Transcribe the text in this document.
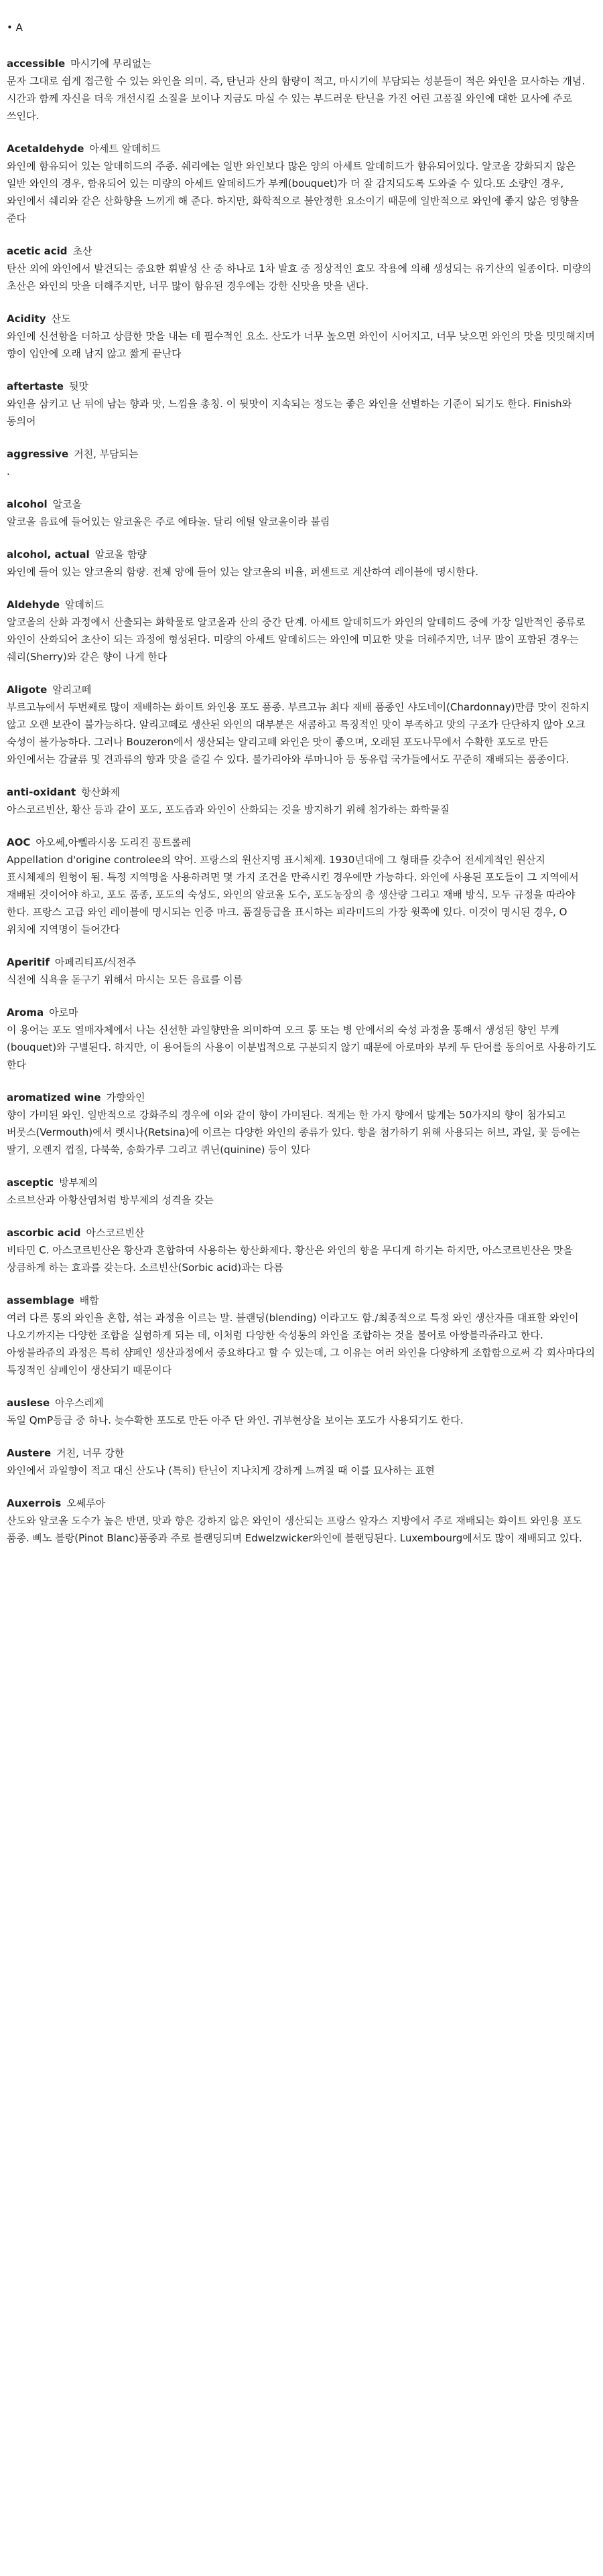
• A

accessible 마시기에 무리없는

문자 그대로 쉽게 접근할 수 있는 와인을 의미. 즉, 탄닌과 산의 함량이 적고, 마시기에 부담되는 성분들이 적은 와인을 묘사하는 개념. 시간과 함께 자신을 더욱 개선시킬 소질을 보이나 지금도 마실 수 있는 부드러운 탄닌을 가진 어린 고품질 와인에 대한 묘사에 주로 쓰인다.

Acetaldehyde 아세트 알데히드

와인에 함유되어 있는 알데히드의 주종. 쉐리에는 일반 와인보다 많은 양의 아세트 알데히드가 함유되어있다. 알코올 강화되지 않은 일반 와인의 경우, 함유되어 있는 미량의 아세트 알데히드가 부케(bouquet)가 더 잘 감지되도록 도와줄 수 있다.또 소량인 경우, 와인에서 쉐리와 같은 산화향을 느끼게 해 준다. 하지만, 화학적으로 불안정한 요소이기 때문에 일반적으로 와인에 좋지 않은 영향을 준다

acetic acid 초산

탄산 외에 와인에서 발견되는 중요한 휘발성 산 중 하나로 1차 발효 중 정상적인 효모 작용에 의해 생성되는 유기산의 일종이다. 미량의 초산은 와인의 맛을 더해주지만, 너무 많이 함유된 경우에는 강한 신맛을 맛을 낸다.

Acidity 산도

와인에 신선함을 더하고 상큼한 맛을 내는 데 필수적인 요소. 산도가 너무 높으면 와인이 시어지고, 너무 낮으면 와인의 맛을 밋밋해지며 향이 입안에 오래 남지 않고 짧게 끝난다

aftertaste 뒷맛

와인을 삼키고 난 뒤에 남는 향과 맛, 느낌을 총칭. 이 뒷맛이 지속되는 정도는 좋은 와인을 선별하는 기준이 되기도 한다. Finish와 동의어

aggressive 거친, 부담되는

.

alcohol 알코올

알코올 음료에 들어있는 알코올은 주로 에타놀. 달리 에틸 알코올이라 불림

alcohol, actual 알코올 함량

와인에 들어 있는 알코올의 함량. 전체 양에 들어 있는 알코올의 비율, 퍼센트로 계산하여 레이블에 명시한다.

Aldehyde 알데히드

알코올의 산화 과정에서 산출되는 화학물로 알코올과 산의 중간 단계. 아세트 알데히드가 와인의 알데히드 중에 가장 일반적인 종류로 와인이 산화되어 초산이 되는 과정에 형성된다. 미량의 아세트 알데히드는 와인에 미묘한 맛을 더해주지만, 너무 많이 포함된 경우는 쉐리(Sherry)와 같은 향이 나게 한다

Aligote 알리고떼

부르고뉴에서 두번째로 많이 재배하는 화이트 와인용 포도 품종. 부르고뉴 최다 재배 품종인 샤도네이(Chardonnay)만큼 맛이 진하지 않고 오랜 보관이 불가능하다. 알리고떼로 생산된 와인의 대부분은 새콤하고 특징적인 맛이 부족하고 맛의 구조가 단단하지 않아 오크 숙성이 불가능하다. 그러나 Bouzeron에서 생산되는 알리고떼 와인은 맛이 좋으며, 오래된 포도나무에서 수확한 포도로 만든 와인에서는 감귤류 및 견과류의 향과 맛을 즐길 수 있다. 불가리아와 루마니아 등 동유럽 국가들에서도 꾸준히 재배되는 품종이다.

anti-oxidant 항산화제

아스코르빈산, 황산 등과 같이 포도, 포도즙과 와인이 산화되는 것을 방지하기 위해 첨가하는 화학물질

AOC 아오쎄,아뻴라시옹 도리진 꽁트롤레

Appellation d'origine controlee의 약어. 프랑스의 원산지명 표시체제. 1930년대에 그 형태를 갖추어 전세계적인 원산지 표시체제의 원형이 됨. 특정 지역명을 사용하려면 몇 가지 조건을 만족시킨 경우에만 가능하다. 와인에 사용된 포도들이 그 지역에서 재배된 것이어야 하고, 포도 품종, 포도의 숙성도, 와인의 알코올 도수, 포도농장의 총 생산량 그리고 재배 방식, 모두 규정을 따라야 한다. 프랑스 고급 와인 레이블에 명시되는 인증 마크. 품질등급을 표시하는 피라미드의 가장 윗쪽에 있다. 이것이 명시된 경우, O 위치에 지역명이 들어간다

Aperitif 아페리티프/식전주

식전에 식욕을 돋구기 위해서 마시는 모든 음료를 이름

Aroma 아로마

이 용어는 포도 열매자체에서 나는 신선한 과일향만을 의미하여 오크 통 또는 병 안에서의 숙성 과정을 통해서 생성된 향인 부케(bouquet)와 구별된다. 하지만, 이 용어들의 사용이 이분법적으로 구분되지 않기 때문에 아로마와 부케 두 단어를 동의어로 사용하기도 한다

aromatized wine 가향와인

향이 가미된 와인. 일반적으로 강화주의 경우에 이와 같이 향이 가미된다. 적게는 한 가지 향에서 많게는 50가지의 향이 첨가되고 버뭇스(Vermouth)에서 렛시나(Retsina)에 이르는 다양한 와인의 종류가 있다. 향을 첨가하기 위해 사용되는 허브, 과일, 꽃 등에는 딸기, 오렌지 껍질, 다북쑥, 송화가루 그리고 퀴닌(quinine) 등이 있다

asceptic 방부제의

소르브산과 아황산염처럼 방부제의 성격을 갖는

ascorbic acid 아스코르빈산

비타민 C. 아스코르빈산은 황산과 혼합하여 사용하는 항산화제다. 황산은 와인의 향을 무디게 하기는 하지만, 아스코르빈산은 맛을 상큼하게 하는 효과를 갖는다. 소르빈산(Sorbic acid)과는 다름

assemblage 배합

여러 다른 통의 와인을 혼합, 섞는 과정을 이르는 말. 블랜딩(blending) 이라고도 함./최종적으로 특정 와인 생산자를 대표할 와인이 나오기까지는 다양한 조합을 실험하게 되는 데, 이처럼 다양한 숙성통의 와인을 조합하는 것을 불어로 아쌍블라쥬라고 한다. 아쌍블라쥬의 과정은 특히 샴페인 생산과정에서 중요하다고 할 수 있는데, 그 이유는 여러 와인을 다양하게 조합함으로써 각 회사마다의 특징적인 샴페인이 생산되기 때문이다

auslese 아우스레제

독일 QmP등급 중 하나. 늦수확한 포도로 만든 아주 단 와인. 귀부현상을 보이는 포도가 사용되기도 한다.

Austere 거친, 너무 강한

와인에서 과일향이 적고 대신 산도나 (특히) 탄닌이 지나치게 강하게 느껴질 때 이를 묘사하는 표현

Auxerrois 오쎄루아

산도와 알코올 도수가 높은 반면, 맛과 향은 강하지 않은 와인이 생산되는 프랑스 알자스 지방에서 주로 재배되는 화이트 와인용 포도 품종. 삐노 블랑(Pinot Blanc)품종과 주로 블랜딩되며 Edwelzwicker와인에 블랜딩된다. Luxembourg에서도 많이 재배되고 있다.
